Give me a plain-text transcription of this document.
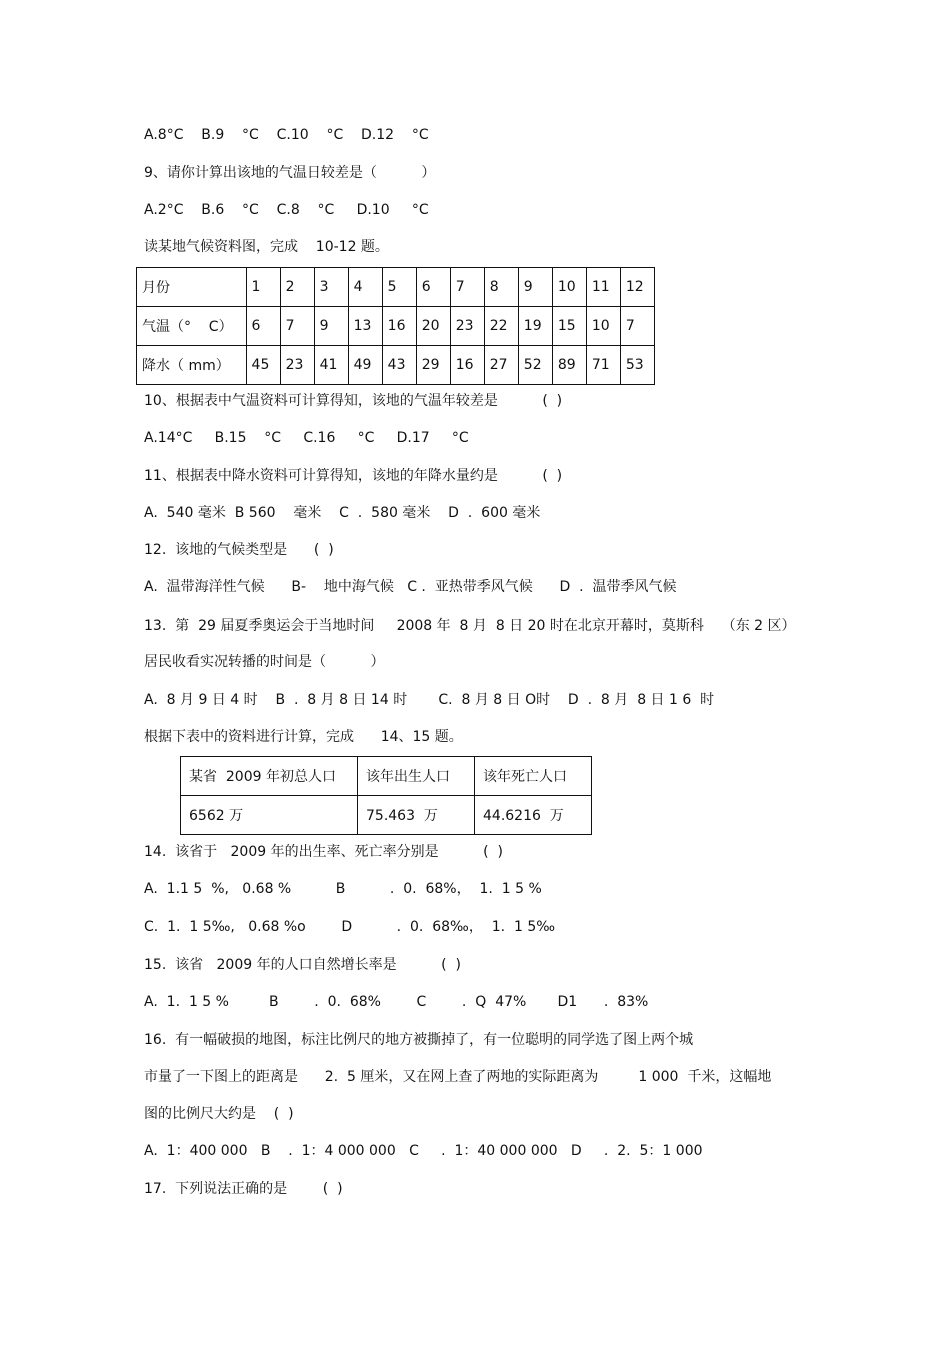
A.8°C    B.9    °C    C.10    °C    D.12    °C
9、请你计算出该地的气温日较差是（          ）
A.2°C    B.6    °C    C.8    °C     D.10     °C
读某地气候资料图，完成    10-12 题。
10、根据表中气温资料可计算得知，该地的气温年较差是          (  )
A.14°C     B.15    °C     C.16     °C     D.17     °C
11、根据表中降水资料可计算得知，该地的年降水量约是          (  )
A.  540 毫米  B 560    毫米    C  .  580 毫米    D  .  600 毫米
12.  该地的气候类型是      (  )
A.  温带海洋性气候      B-    地中海气候   C .  亚热带季风气候      D  .  温带季风气候
13.  第  29 届夏季奥运会于当地时间     2008 年  8 月  8 日 20 时在北京开幕时，莫斯科    （东 2 区）
居民收看实况转播的时间是（          ）
A.  8 月 9 日 4 时    B  .  8 月 8 日 14 时       C.  8 月 8 日 O时    D  .  8 月  8 日 1 6  时
根据下表中的资料进行计算，完成      14、15 题。
14.  该省于   2009 年的出生率、死亡率分别是          (  )
A.  1.1 5  %,   0.68 %          B          .  0.  68%，  1.  1 5 %
C.  1.  1 5‰,   0.68 %o        D          .  0.  68‰，  1.  1 5‰
15.  该省   2009 年的人口自然增长率是          (  )
A.  1.  1 5 %         B        .  0.  68%        C        .  Q  47%       D1      .  83%
16.  有一幅破损的地图，标注比例尺的地方被撕掉了，有一位聪明的同学选了图上两个城
市量了一下图上的距离是      2.  5 厘米，又在网上查了两地的实际距离为         1 000  千米，这幅地
图的比例尺大约是    (  )
A.  1：400 000   B    .  1：4 000 000   C     .  1：40 000 000   D     .  2.  5：1 000
17.  下列说法正确的是        (  )
月份	1	2	3	4	5	6	7	8	9	10	11	12
气温（°    C）	6	7	9	13	16	20	23	22	19	15	10	7
降水（ mm）	45	23	41	49	43	29	16	27	52	89	71	53
某省  2009 年初总人口	该年出生人口	该年死亡人口
6562 万	75.463  万	44.6216  万
